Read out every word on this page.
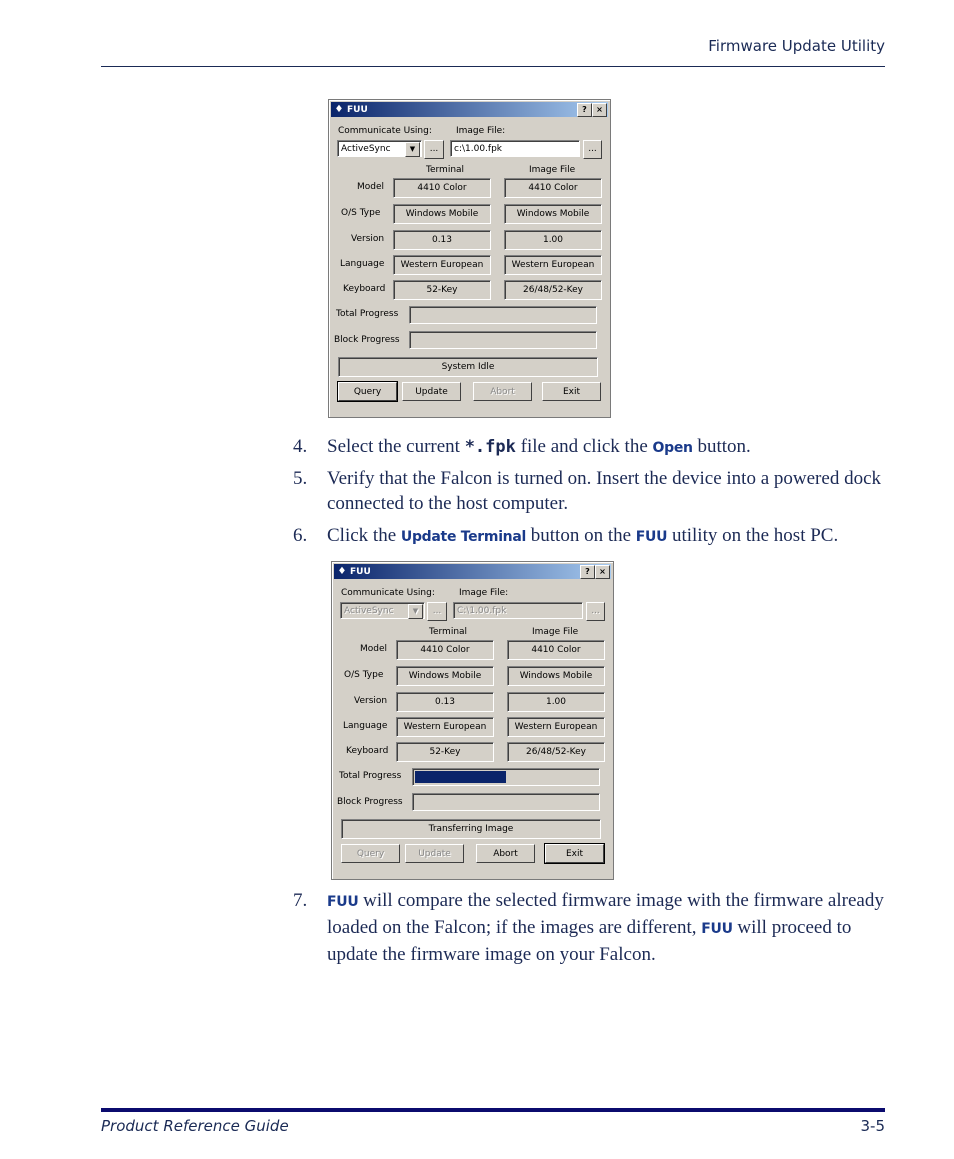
Firmware Update Utility
♦ FUU	?	×
Communicate Using:	Image File:
ActiveSync	▼	...	c:\1.00.fpk	...
Terminal	Image File
Model	4410 Color	4410 Color
O/S Type	Windows Mobile	Windows Mobile
Version	0.13	1.00
Language	Western European	Western European
Keyboard	52-Key	26/48/52-Key
Total Progress
Block Progress
System Idle
Query	Update	Abort	Exit
4. Select the current *.fpk file and click the Open button.
5. Verify that the Falcon is turned on. Insert the device into a powered dock connected to the host computer.
6. Click the Update Terminal button on the FUU utility on the host PC.
♦ FUU	?	×
Communicate Using:	Image File:
ActiveSync	▼	...	C:\1.00.fpk	...
Terminal	Image File
Model	4410 Color	4410 Color
O/S Type	Windows Mobile	Windows Mobile
Version	0.13	1.00
Language	Western European	Western European
Keyboard	52-Key	26/48/52-Key
Total Progress
Block Progress
Transferring Image
Query	Update	Abort	Exit
7. FUU will compare the selected firmware image with the firmware already loaded on the Falcon; if the images are different, FUU will proceed to update the firmware image on your Falcon.
Product Reference Guide	3-5
